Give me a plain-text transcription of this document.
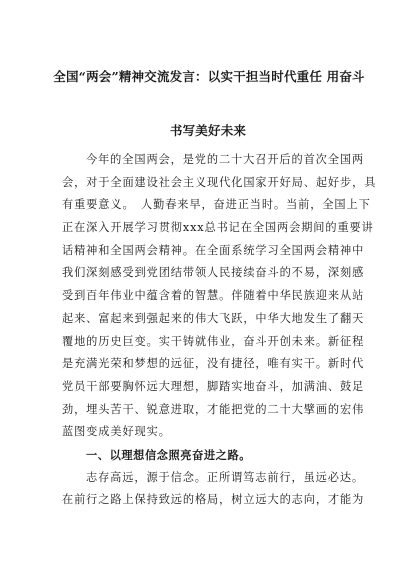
全国“两会”精神交流发言：以实干担当时代重任 用奋斗
书写美好未来
今年的全国两会，是党的二十大召开后的首次全国两
会，对于全面建设社会主义现代化国家开好局、起好步，具
有重要意义。　人勤春来早，奋进正当时。当前，全国上下
正在深入开展学习贯彻xxx总书记在全国两会期间的重要讲
话精神和全国两会精神。在全面系统学习全国两会精神中
我们深刻感受到党团结带领人民接续奋斗的不易，深刻感
受到百年伟业中蕴含着的智慧。伴随着中华民族迎来从站
起来、富起来到强起来的伟大飞跃，中华大地发生了翻天
覆地的历史巨变。实干铸就伟业，奋斗开创未来。新征程
是充满光荣和梦想的远征，没有捷径，唯有实干。新时代
党员干部要胸怀远大理想，脚踏实地奋斗，加满油、鼓足
劲，埋头苦干、锐意进取，才能把党的二十大擘画的宏伟
蓝图变成美好现实。
一、以理想信念照亮奋进之路。
志存高远，源于信念。正所谓笃志前行，虽远必达。
在前行之路上保持致远的格局，树立远大的志向，才能为
